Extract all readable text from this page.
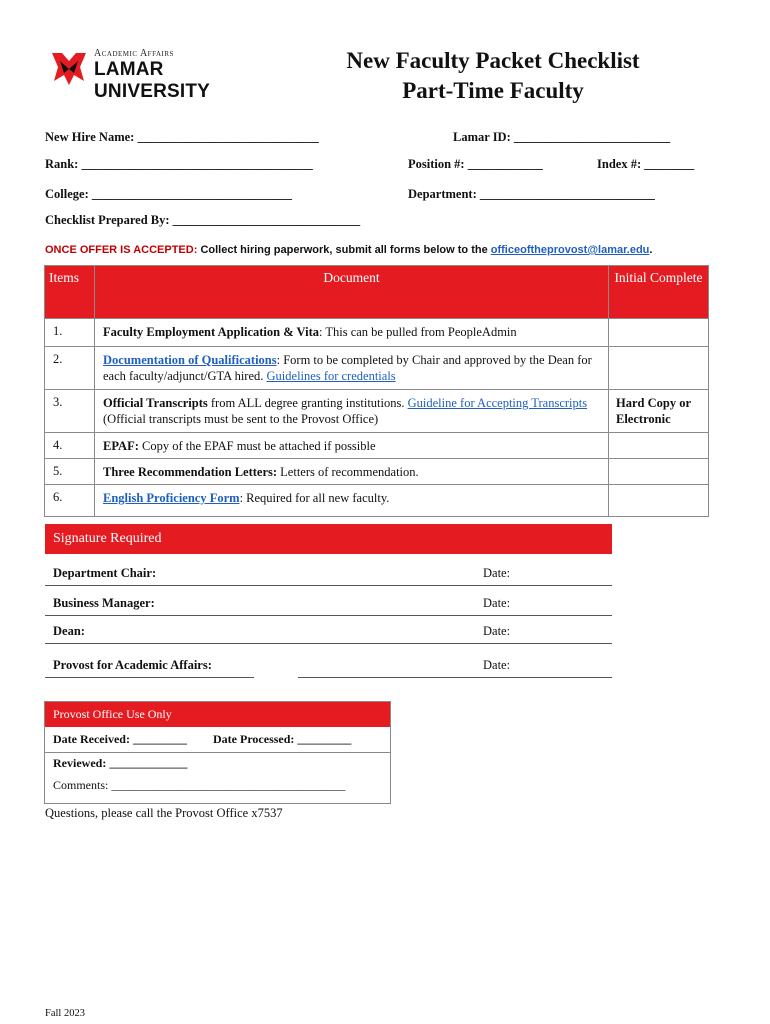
Academic Affairs
LAMAR UNIVERSITY
New Faculty Packet Checklist
Part-Time Faculty
New Hire Name: _____________________________	Lamar ID: _________________________
Rank: _____________________________________	Position #: ____________	Index #: ________
College: ________________________________	Department: ____________________________
Checklist Prepared By: ______________________________
ONCE OFFER IS ACCEPTED: Collect hiring paperwork, submit all forms below to the officeoftheprovost@lamar.edu.
Items	Document	Initial Complete
1.	Faculty Employment Application & Vita: This can be pulled from PeopleAdmin	
2.	Documentation of Qualifications: Form to be completed by Chair and approved by the Dean for each faculty/adjunct/GTA hired. Guidelines for credentials	
3.	Official Transcripts from ALL degree granting institutions. Guideline for Accepting Transcripts (Official transcripts must be sent to the Provost Office)	Hard Copy or Electronic
4.	EPAF: Copy of the EPAF must be attached if possible	
5.	Three Recommendation Letters: Letters of recommendation.	
6.	English Proficiency Form: Required for all new faculty.	
Signature Required
Department Chair:	Date:
Business Manager:	Date:
Dean:	Date:
Provost for Academic Affairs:	Date:
Provost Office Use Only
Date Received: _________ Date Processed: _________
Reviewed: _____________
Comments: _______________________________________
Questions, please call the Provost Office x7537
Fall 2023
